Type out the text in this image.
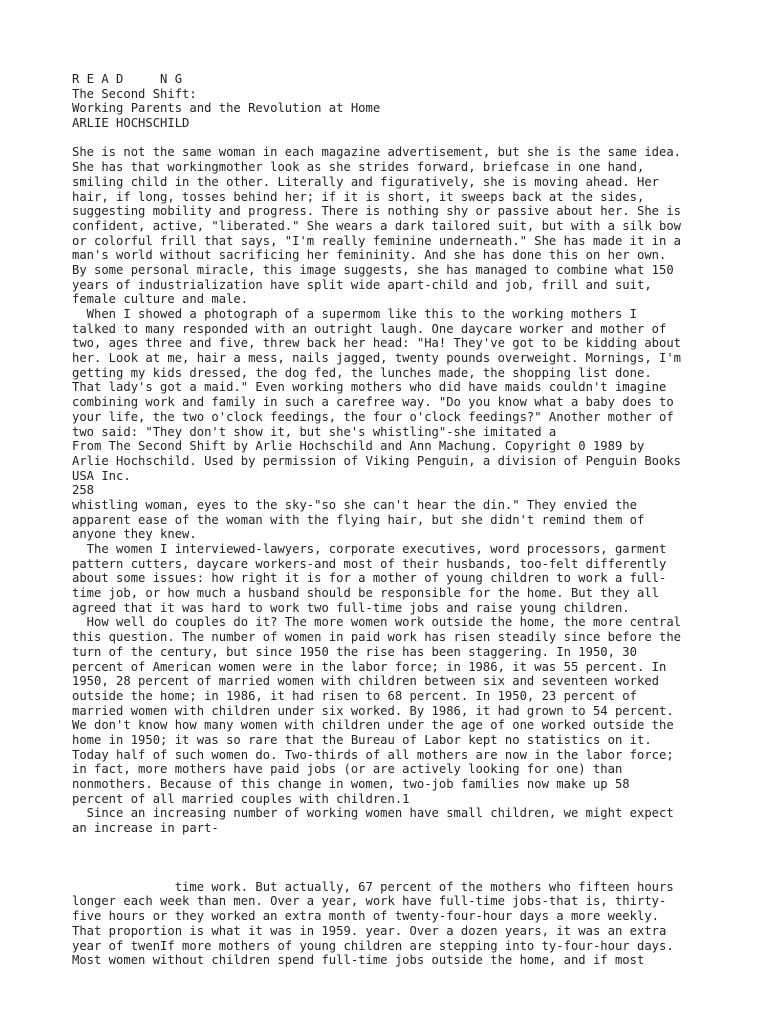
R E A D     N G
The Second Shift:
Working Parents and the Revolution at Home
ARLIE HOCHSCHILD
She is not the same woman in each magazine advertisement, but she is the same idea.
She has that workingmother look as she strides forward, briefcase in one hand,
smiling child in the other. Literally and figuratively, she is moving ahead. Her
hair, if long, tosses behind her; if it is short, it sweeps back at the sides,
suggesting mobility and progress. There is nothing shy or passive about her. She is
confident, active, "liberated." She wears a dark tailored suit, but with a silk bow
or colorful frill that says, "I'm really feminine underneath." She has made it in a
man's world without sacrificing her femininity. And she has done this on her own.
By some personal miracle, this image suggests, she has managed to combine what 150
years of industrialization have split wide apart-child and job, frill and suit,
female culture and male.
When I showed a photograph of a supermom like this to the working mothers I
talked to many responded with an outright laugh. One daycare worker and mother of
two, ages three and five, threw back her head: "Ha! They've got to be kidding about
her. Look at me, hair a mess, nails jagged, twenty pounds overweight. Mornings, I'm
getting my kids dressed, the dog fed, the lunches made, the shopping list done.
That lady's got a maid." Even working mothers who did have maids couldn't imagine
combining work and family in such a carefree way. "Do you know what a baby does to
your life, the two o'clock feedings, the four o'clock feedings?" Another mother of
two said: "They don't show it, but she's whistling"-she imitated a
From The Second Shift by Arlie Hochschild and Ann Machung. Copyright 0 1989 by
Arlie Hochschild. Used by permission of Viking Penguin, a division of Penguin Books
USA Inc.
258
whistling woman, eyes to the sky-"so she can't hear the din." They envied the
apparent ease of the woman with the flying hair, but she didn't remind them of
anyone they knew.
The women I interviewed-lawyers, corporate executives, word processors, garment
pattern cutters, daycare workers-and most of their husbands, too-felt differently
about some issues: how right it is for a mother of young children to work a full-
time job, or how much a husband should be responsible for the home. But they all
agreed that it was hard to work two full-time jobs and raise young children.
How well do couples do it? The more women work outside the home, the more central
this question. The number of women in paid work has risen steadily since before the
turn of the century, but since 1950 the rise has been staggering. In 1950, 30
percent of American women were in the labor force; in 1986, it was 55 percent. In
1950, 28 percent of married women with children between six and seventeen worked
outside the home; in 1986, it had risen to 68 percent. In 1950, 23 percent of
married women with children under six worked. By 1986, it had grown to 54 percent.
We don't know how many women with children under the age of one worked outside the
home in 1950; it was so rare that the Bureau of Labor kept no statistics on it.
Today half of such women do. Two-thirds of all mothers are now in the labor force;
in fact, more mothers have paid jobs (or are actively looking for one) than
nonmothers. Because of this change in women, two-job families now make up 58
percent of all married couples with children.1
Since an increasing number of working women have small children, we might expect
an increase in part-
time work. But actually, 67 percent of the mothers who fifteen hours
longer each week than men. Over a year, work have full-time jobs-that is, thirty-
five hours or they worked an extra month of twenty-four-hour days a more weekly.
That proportion is what it was in 1959. year. Over a dozen years, it was an extra
year of twenIf more mothers of young children are stepping into ty-four-hour days.
Most women without children spend full-time jobs outside the home, and if most
